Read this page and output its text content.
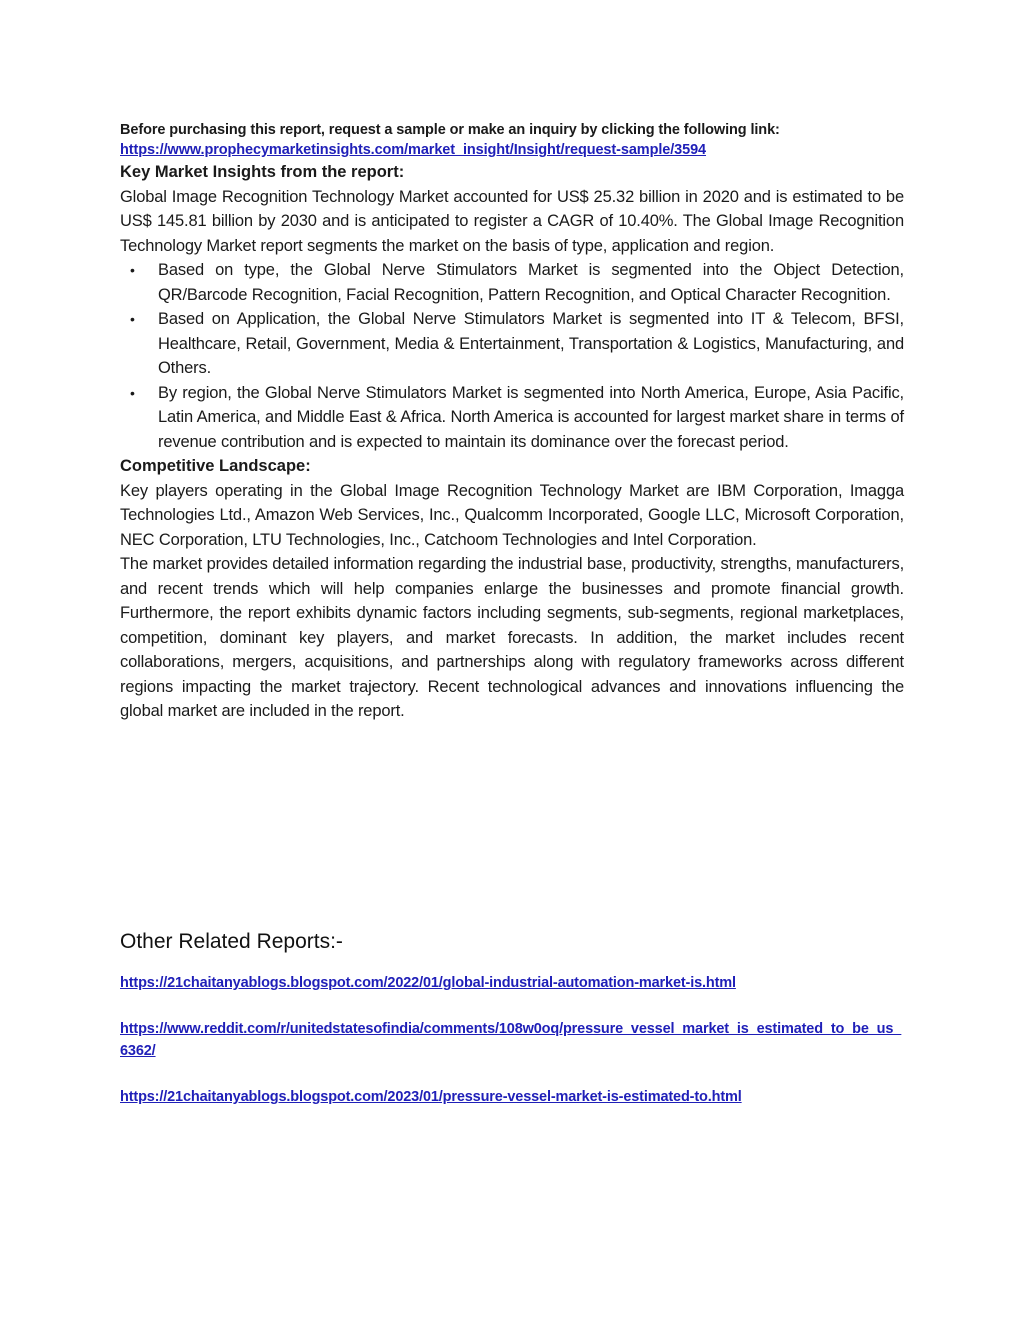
Before purchasing this report, request a sample or make an inquiry by clicking the following link:

https://www.prophecymarketinsights.com/market_insight/Insight/request-sample/3594

Key Market Insights from the report:

Global Image Recognition Technology Market accounted for US$ 25.32 billion in 2020 and is estimated to be US$ 145.81 billion by 2030 and is anticipated to register a CAGR of 10.40%. The Global Image Recognition Technology Market report segments the market on the basis of type, application and region.

• Based on type, the Global Nerve Stimulators Market is segmented into the Object Detection, QR/Barcode Recognition, Facial Recognition, Pattern Recognition, and Optical Character Recognition.
• Based on Application, the Global Nerve Stimulators Market is segmented into IT & Telecom, BFSI, Healthcare, Retail, Government, Media & Entertainment, Transportation & Logistics, Manufacturing, and Others.
• By region, the Global Nerve Stimulators Market is segmented into North America, Europe, Asia Pacific, Latin America, and Middle East & Africa. North America is accounted for largest market share in terms of revenue contribution and is expected to maintain its dominance over the forecast period.

Competitive Landscape:

Key players operating in the Global Image Recognition Technology Market are IBM Corporation, Imagga Technologies Ltd., Amazon Web Services, Inc., Qualcomm Incorporated, Google LLC, Microsoft Corporation, NEC Corporation, LTU Technologies, Inc., Catchoom Technologies and Intel Corporation.

The market provides detailed information regarding the industrial base, productivity, strengths, manufacturers, and recent trends which will help companies enlarge the businesses and promote financial growth. Furthermore, the report exhibits dynamic factors including segments, sub-segments, regional marketplaces, competition, dominant key players, and market forecasts. In addition, the market includes recent collaborations, mergers, acquisitions, and partnerships along with regulatory frameworks across different regions impacting the market trajectory. Recent technological advances and innovations influencing the global market are included in the report.

Other Related Reports:-
https://21chaitanyablogs.blogspot.com/2022/01/global-industrial-automation-market-is.html
https://www.reddit.com/r/unitedstatesofindia/comments/108w0oq/pressure_vessel_market_is_estimated_to_be_us_6362/
https://21chaitanyablogs.blogspot.com/2023/01/pressure-vessel-market-is-estimated-to.html
